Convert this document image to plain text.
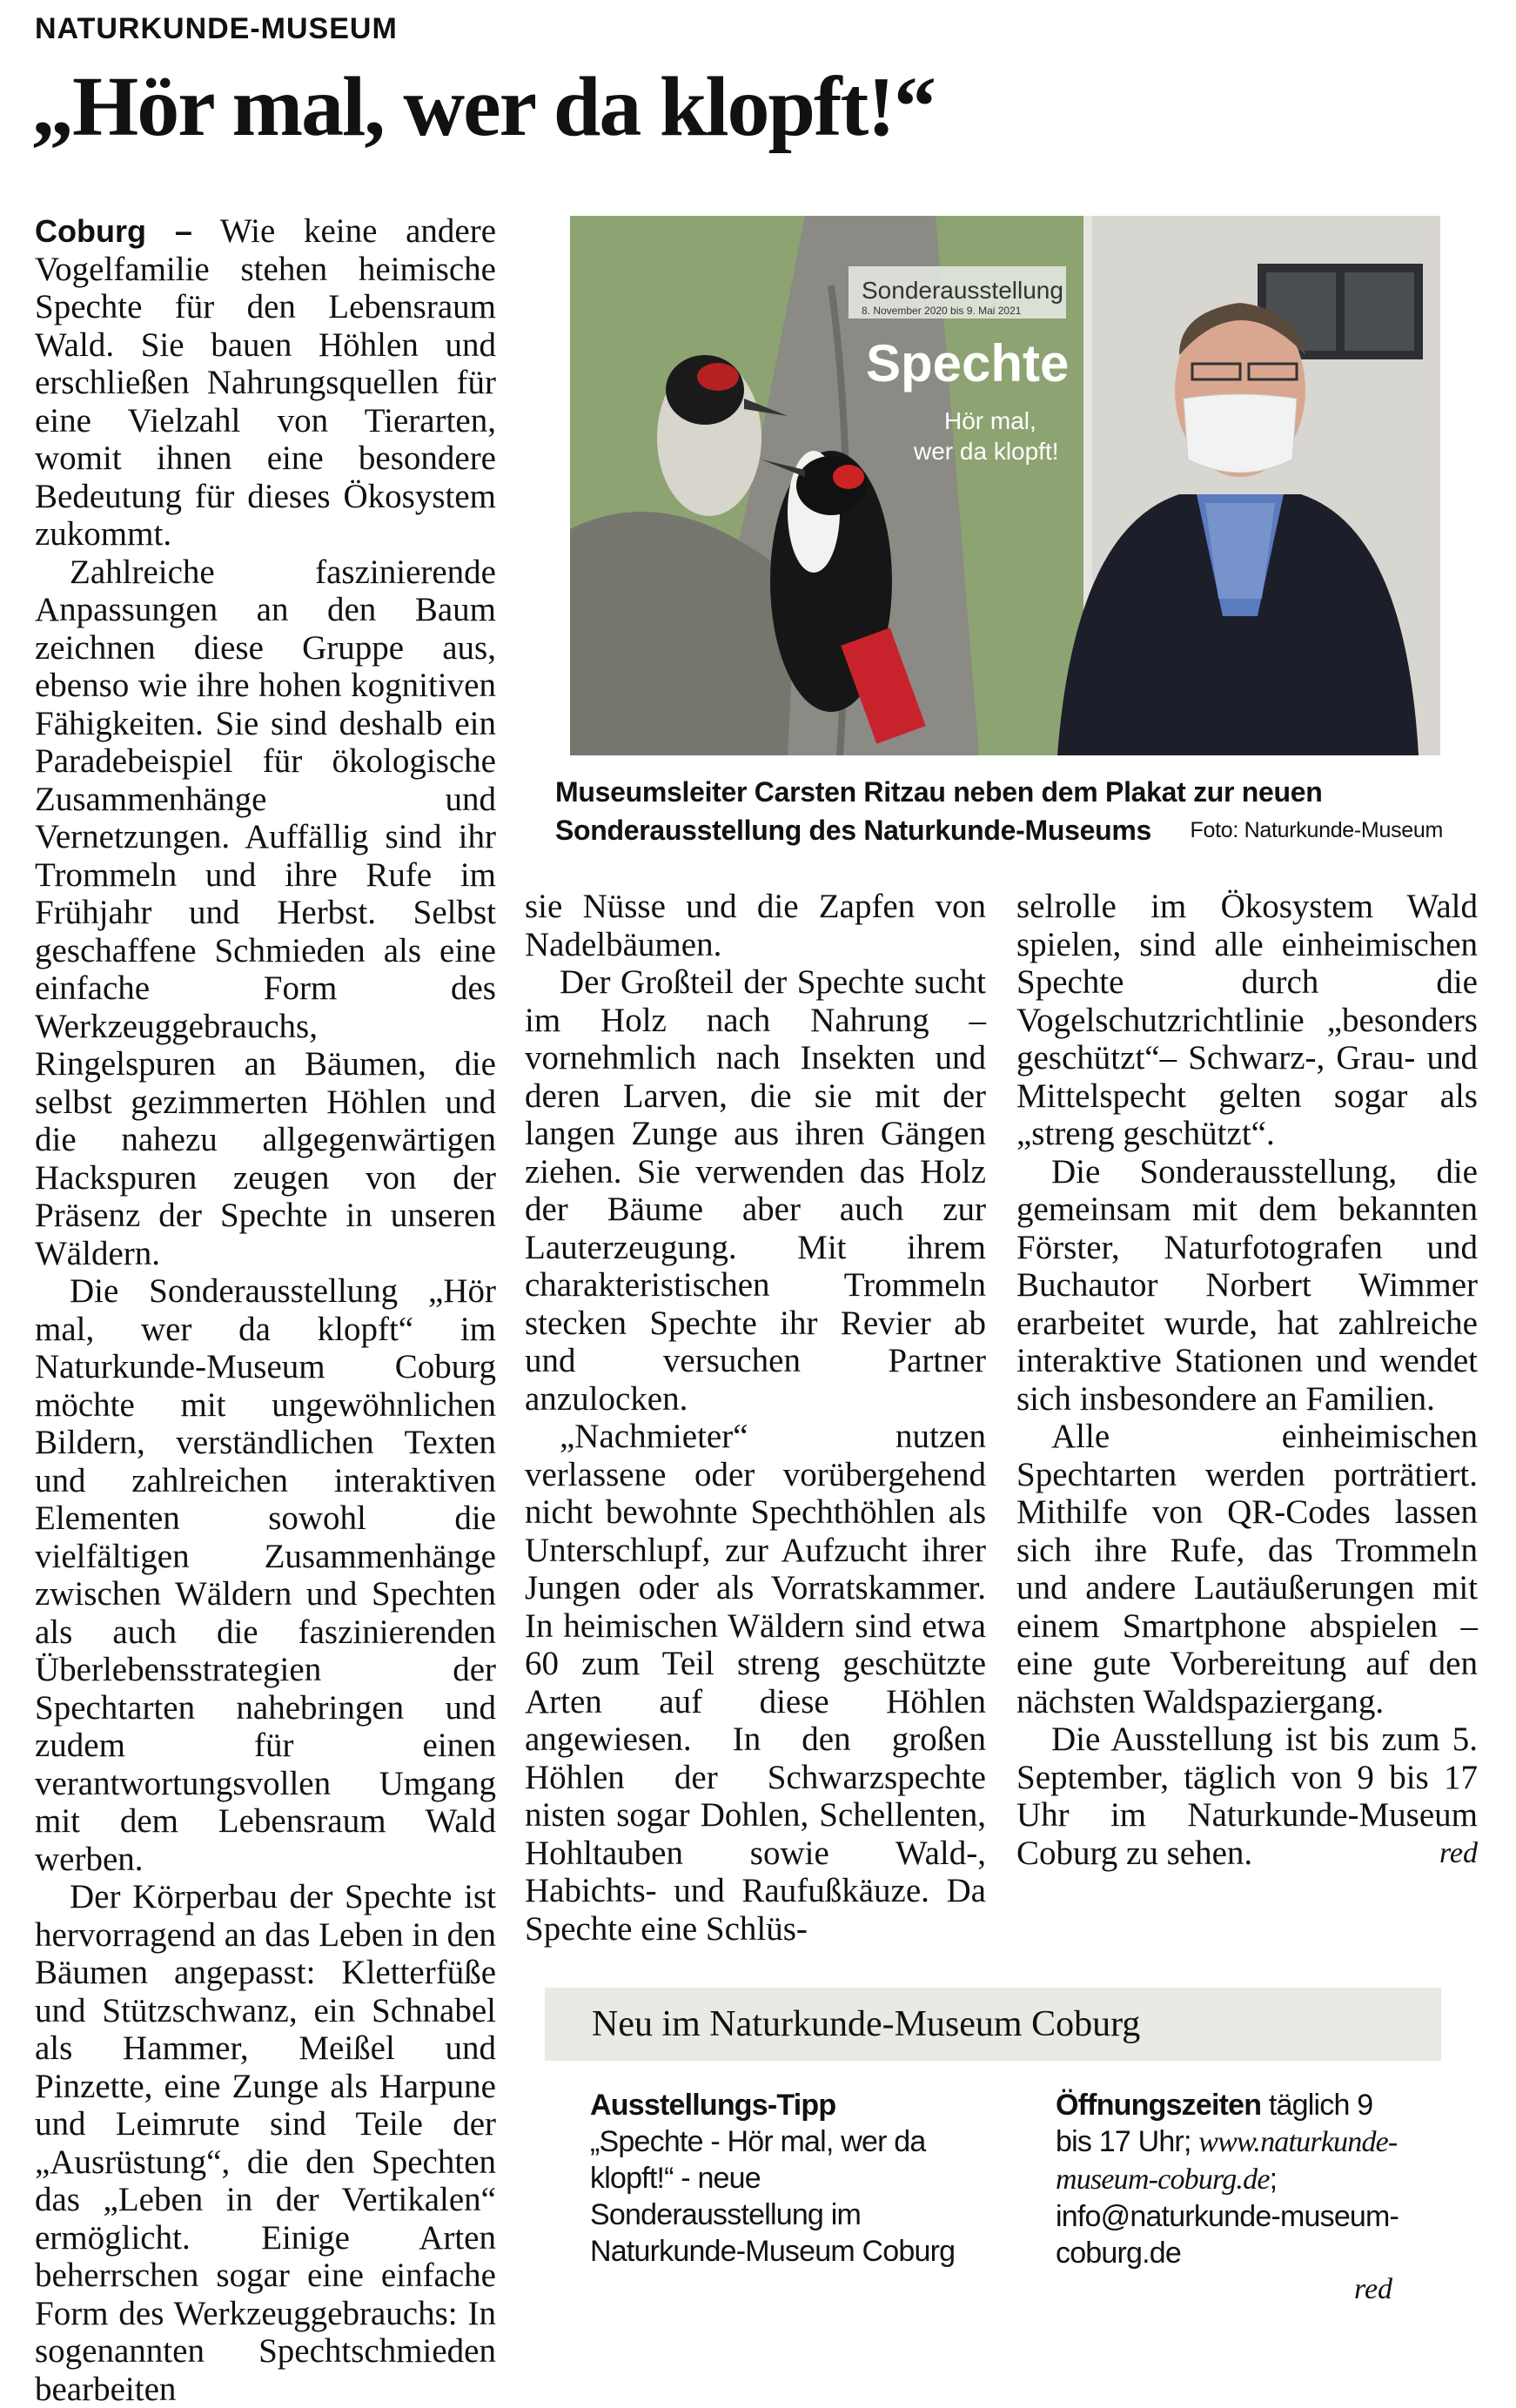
NATURKUNDE-MUSEUM
„Hör mal, wer da klopft!“

Coburg – Wie keine andere Vogelfamilie stehen heimische Spechte für den Lebensraum Wald. Sie bauen Höhlen und erschließen Nahrungsquellen für eine Vielzahl von Tierarten, womit ihnen eine besondere Bedeutung für dieses Ökosystem zukommt.

Zahlreiche faszinierende Anpassungen an den Baum zeichnen diese Gruppe aus, ebenso wie ihre hohen kognitiven Fähigkeiten. Sie sind deshalb ein Paradebeispiel für ökologische Zusammenhänge und Vernetzungen. Auffällig sind ihr Trommeln und ihre Rufe im Frühjahr und Herbst. Selbst geschaffene Schmieden als eine einfache Form des Werkzeuggebrauchs, Ringelspuren an Bäumen, die selbst gezimmerten Höhlen und die nahezu allgegenwärtigen Hackspuren zeugen von der Präsenz der Spechte in unseren Wäldern.

Die Sonderausstellung „Hör mal, wer da klopft“ im Naturkunde-Museum Coburg möchte mit ungewöhnlichen Bildern, verständlichen Texten und zahlreichen interaktiven Elementen sowohl die vielfältigen Zusammenhänge zwischen Wäldern und Spechten als auch die faszinierenden Überlebensstrategien der Spechtarten nahebringen und zudem für einen verantwortungsvollen Umgang mit dem Lebensraum Wald werben.

Der Körperbau der Spechte ist hervorragend an das Leben in den Bäumen angepasst: Kletterfüße und Stützschwanz, ein Schnabel als Hammer, Meißel und Pinzette, eine Zunge als Harpune und Leimrute sind Teile der „Ausrüstung“, die den Spechten das „Leben in der Vertikalen“ ermöglicht. Einige Arten beherrschen sogar eine einfache Form des Werkzeuggebrauchs: In sogenannten Spechtschmieden bearbeiten

Sonderausstellung
8. November 2020 bis 9. Mai 2021
Spechte
Hör mal,
wer da klopft!
Museumsleiter Carsten Ritzau neben dem Plakat zur neuen Sonderausstellung des Naturkunde-Museums Foto: Naturkunde-Museum

sie Nüsse und die Zapfen von Nadelbäumen.

Der Großteil der Spechte sucht im Holz nach Nahrung – vornehmlich nach Insekten und deren Larven, die sie mit der langen Zunge aus ihren Gängen ziehen. Sie verwenden das Holz der Bäume aber auch zur Lauterzeugung. Mit ihrem charakteristischen Trommeln stecken Spechte ihr Revier ab und versuchen Partner anzulocken.

„Nachmieter“ nutzen verlassene oder vorübergehend nicht bewohnte Spechthöhlen als Unterschlupf, zur Aufzucht ihrer Jungen oder als Vorratskammer. In heimischen Wäldern sind etwa 60 zum Teil streng geschützte Arten auf diese Höhlen angewiesen. In den großen Höhlen der Schwarzspechte nisten sogar Dohlen, Schellenten, Hohltauben sowie Wald-, Habichts- und Raufußkäuze. Da Spechte eine Schlüs-

selrolle im Ökosystem Wald spielen, sind alle einheimischen Spechte durch die Vogelschutzrichtlinie „besonders geschützt“– Schwarz-, Grau- und Mittelspecht gelten sogar als „streng geschützt“.

Die Sonderausstellung, die gemeinsam mit dem bekannten Förster, Naturfotografen und Buchautor Norbert Wimmer erarbeitet wurde, hat zahlreiche interaktive Stationen und wendet sich insbesondere an Familien.

Alle einheimischen Spechtarten werden porträtiert. Mithilfe von QR-Codes lassen sich ihre Rufe, das Trommeln und andere Lautäußerungen mit einem Smartphone abspielen – eine gute Vorbereitung auf den nächsten Waldspaziergang.

Die Ausstellung ist bis zum 5. September, täglich von 9 bis 17 Uhr im Naturkunde-Museum Coburg zu sehen.	red

Neu im Naturkunde-Museum Coburg
Ausstellungs-Tipp
„Spechte - Hör mal, wer da klopft!“ - neue Sonderausstellung im Naturkunde-Museum Coburg
Öffnungszeiten täglich 9 bis 17 Uhr; www.naturkunde-museum-coburg.de; info@naturkunde-museum-coburg.de
red
